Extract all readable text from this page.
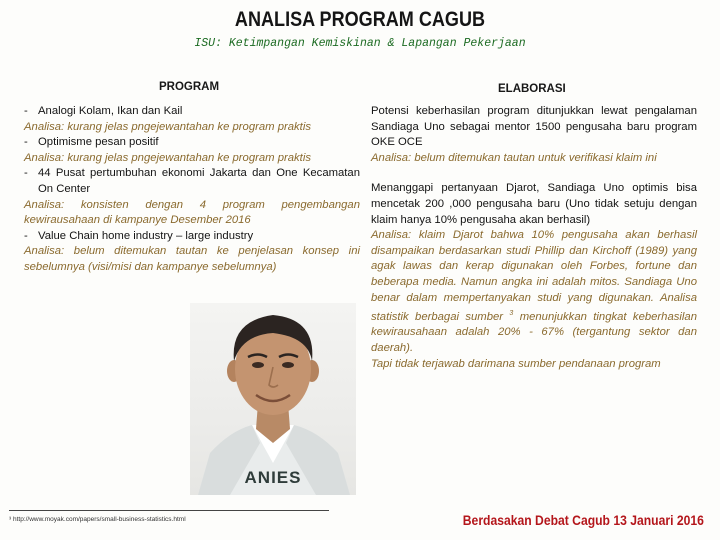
ANALISA PROGRAM CAGUB
ISU: Ketimpangan Kemiskinan & Lapangan Pekerjaan
PROGRAM	ELABORASI
- Analogi Kolam, Ikan dan Kail

Analisa: kurang jelas pngejewantahan ke program praktis

- Optimisme pesan positif

Analisa: kurang jelas pngejewantahan ke program praktis

- 44 Pusat pertumbuhan ekonomi Jakarta dan One Kecamatan On Center

Analisa: konsisten dengan 4 program pengembangan kewirausahaan di kampanye Desember 2016

- Value Chain home industry – large industry

Analisa: belum ditemukan tautan ke penjelasan konsep ini sebelumnya (visi/misi dan kampanye sebelumnya)

Potensi keberhasilan program ditunjukkan lewat pengalaman Sandiaga Uno sebagai mentor 1500 pengusaha baru program OKE OCE

Analisa: belum ditemukan tautan untuk verifikasi klaim ini

Menanggapi pertanyaan Djarot, Sandiaga Uno optimis bisa mencetak 200 ,000 pengusaha baru (Uno tidak setuju dengan klaim hanya 10% pengusaha akan berhasil)

Analisa: klaim Djarot bahwa 10% pengusaha akan berhasil disampaikan berdasarkan studi Phillip dan Kirchoff (1989) yang agak lawas dan kerap digunakan oleh Forbes, fortune dan beberapa media. Namun angka ini adalah mitos. Sandiaga Uno benar dalam mempertanyakan studi yang digunakan. Analisa statistik berbagai sumber $^3$ menunjukkan tingkat keberhasilan kewirausahaan adalah 20% - 67% (tergantung sektor dan daerah).

Tapi tidak terjawab darimana sumber pendanaan program

ANIES
³ http://www.moyak.com/papers/small-business-statistics.html	Berdasakan Debat Cagub 13 Januari 2016
